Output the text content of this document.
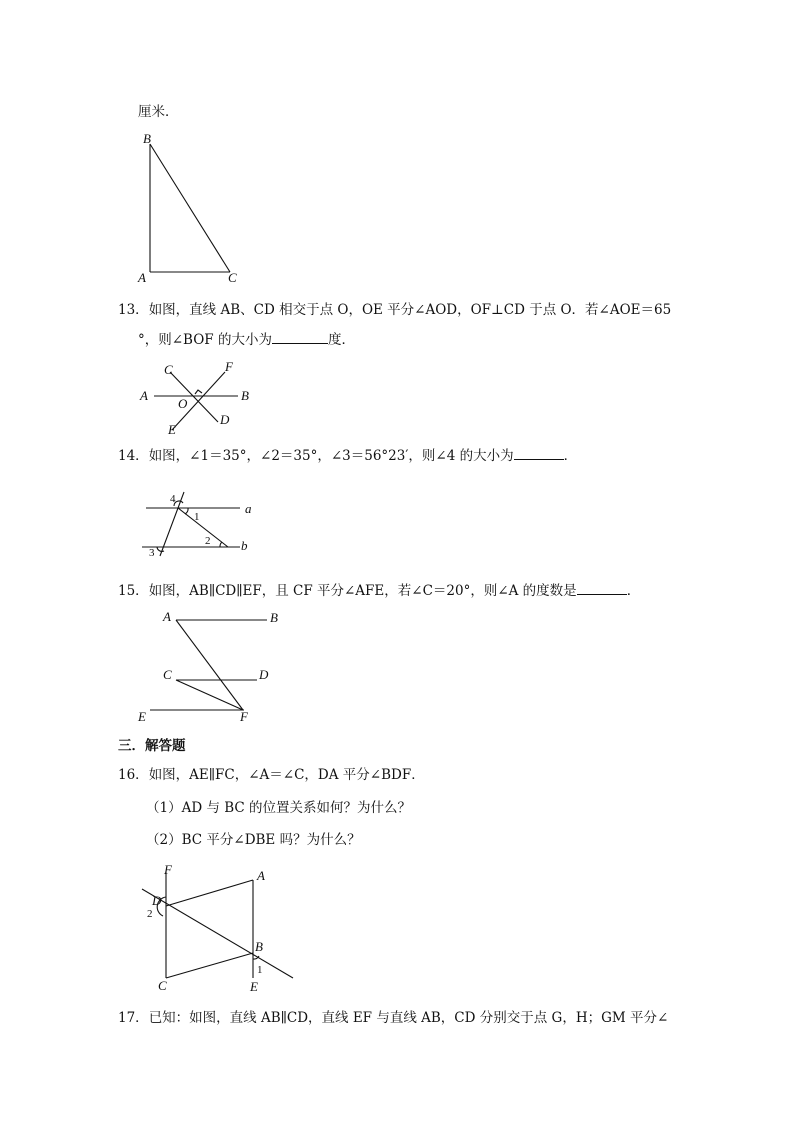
厘米．
B
A	C
13．如图，直线 AB、CD 相交于点 O，OE 平分∠AOD，OF⊥CD 于点 O．若∠AOE＝65
°，则∠BOF 的大小为	度．
C	F
A
O
B
D
E
14．如图，∠1＝35°，∠2＝35°，∠3＝56°23′，则∠4 的大小为	．
4
1
a
2 b
3
15．如图，AB∥CD∥EF，且 CF 平分∠AFE，若∠C＝20°，则∠A 的度数是	．
A	B
C	D
E	F
三．解答题
16．如图，AE∥FC，∠A＝∠C，DA 平分∠BDF．
（1）AD 与 BC 的位置关系如何？为什么？
（2）BC 平分∠DBE 吗？为什么？
F	A
D
2
B
1
C	E
17．已知：如图，直线 AB∥CD，直线 EF 与直线 AB，CD 分别交于点 G，H；GM 平分∠
